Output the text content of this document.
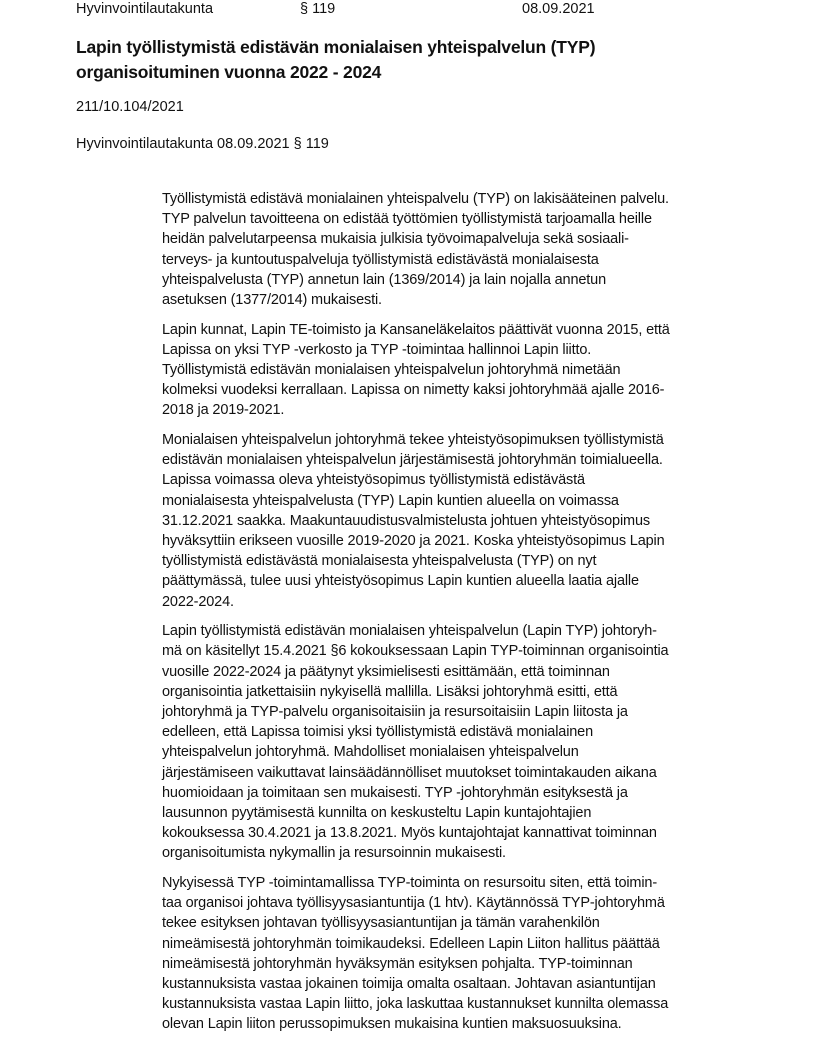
Hyvinvointilautakunta	§ 119	08.09.2021
Lapin työllistymistä edistävän monialaisen yhteispalvelun (TYP)
organisoituminen vuonna 2022 - 2024
211/10.104/2021
Hyvinvointilautakunta 08.09.2021 § 119
Työllistymistä edistävä monialainen yhteispalvelu (TYP) on lakisääteinen palvelu.
TYP palvelun tavoitteena on edistää työttömien työllistymistä tarjoamalla heille
heidän palvelutarpeensa mukaisia julkisia työvoimapalveluja sekä sosiaali-
terveys- ja kuntoutuspalveluja työllistymistä edistävästä monialaisesta
yhteispalvelusta (TYP) annetun lain (1369/2014) ja lain nojalla annetun
asetuksen (1377/2014) mukaisesti.
Lapin kunnat, Lapin TE-toimisto ja Kansaneläkelaitos päättivät vuonna 2015, että
Lapissa on yksi TYP -verkosto ja TYP -toimintaa hallinnoi Lapin liitto.
Työllistymistä edistävän monialaisen yhteispalvelun johtoryhmä nimetään
kolmeksi vuodeksi kerrallaan. Lapissa on nimetty kaksi johtoryhmää ajalle 2016-
2018 ja 2019-2021.
Monialaisen yhteispalvelun johtoryhmä tekee yhteistyösopimuksen työllistymistä
edistävän monialaisen yhteispalvelun järjestämisestä johtoryhmän toimialueella.
Lapissa voimassa oleva yhteistyösopimus työllistymistä edistävästä
monialaisesta yhteispalvelusta (TYP) Lapin kuntien alueella on voimassa
31.12.2021 saakka. Maakuntauudistusvalmistelusta johtuen yhteistyösopimus
hyväksyttiin erikseen vuosille 2019-2020 ja 2021. Koska yhteistyösopimus Lapin
työllistymistä edistävästä monialaisesta yhteispalvelusta (TYP) on nyt
päättymässä, tulee uusi yhteistyösopimus Lapin kuntien alueella laatia ajalle
2022-2024.
Lapin työllistymistä edistävän monialaisen yhteispalvelun (Lapin TYP) johtoryh-
mä on käsitellyt 15.4.2021 §6 kokouksessaan Lapin TYP-toiminnan organisointia
vuosille 2022-2024 ja päätynyt yksimielisesti esittämään, että toiminnan
organisointia jatkettaisiin nykyisellä mallilla. Lisäksi johtoryhmä esitti, että
johtoryhmä ja TYP-palvelu organisoitaisiin ja resursoitaisiin Lapin liitosta ja
edelleen, että Lapissa toimisi yksi työllistymistä edistävä monialainen
yhteispalvelun johtoryhmä. Mahdolliset monialaisen yhteispalvelun
järjestämiseen vaikuttavat lainsäädännölliset muutokset toimintakauden aikana
huomioidaan ja toimitaan sen mukaisesti. TYP -johtoryhmän esityksestä ja
lausunnon pyytämisestä kunnilta on keskusteltu Lapin kuntajohtajien
kokouksessa 30.4.2021 ja 13.8.2021. Myös kuntajohtajat kannattivat toiminnan
organisoitumista nykymallin ja resursoinnin mukaisesti.
Nykyisessä TYP -toimintamallissa TYP-toiminta on resursoitu siten, että toimin-
taa organisoi johtava työllisyysasiantuntija (1 htv). Käytännössä TYP-johtoryhmä
tekee esityksen johtavan työllisyysasiantuntijan ja tämän varahenkilön
nimeämisestä johtoryhmän toimikaudeksi. Edelleen Lapin Liiton hallitus päättää
nimeämisestä johtoryhmän hyväksymän esityksen pohjalta. TYP-toiminnan
kustannuksista vastaa jokainen toimija omalta osaltaan. Johtavan asiantuntijan
kustannuksista vastaa Lapin liitto, joka laskuttaa kustannukset kunnilta olemassa
olevan Lapin liiton perussopimuksen mukaisina kuntien maksuosuuksina.
